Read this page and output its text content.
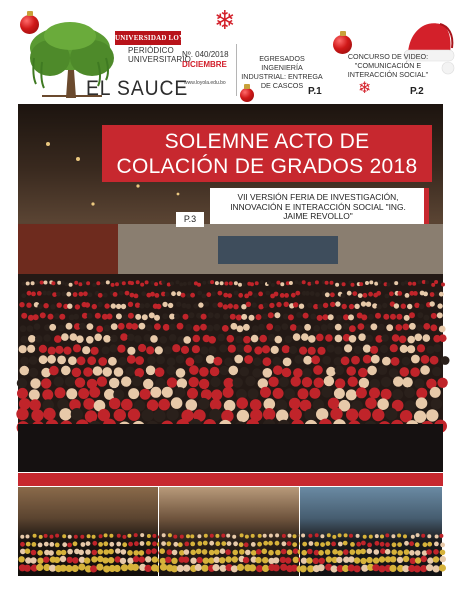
❄
❄
UNIVERSIDAD LOYOLA
PERIÓDICO UNIVERSITARIO
Nº. 040/2018
DICIEMBRE
EL SAUCE
www.loyola.edu.bo
EGRESADOS INGENIERÍA INDUSTRIAL: ENTREGA DE CASCOS
P.1
CONCURSO DE VIDEO: "COMUNICACIÓN E INTERACCIÓN SOCIAL"
P.2
SOLEMNE ACTO DE
COLACIÓN DE GRADOS 2018
VII VERSIÓN FERIA DE INVESTIGACIÓN, INNOVACIÓN E INTERACCIÓN SOCIAL "ING. JAIME REVOLLO"
P.3
